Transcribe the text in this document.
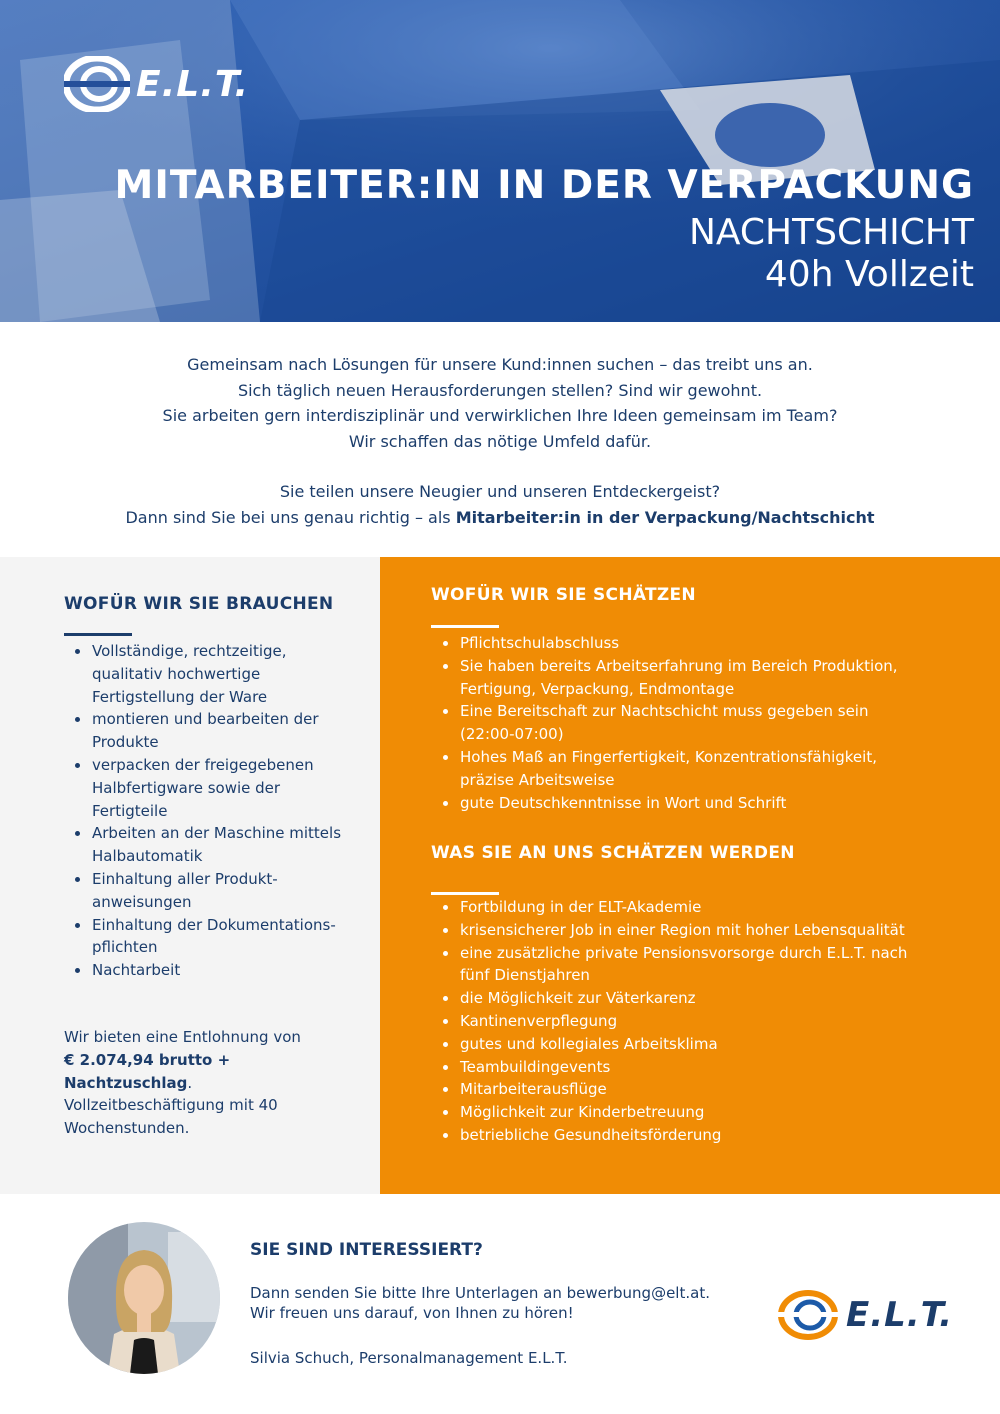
E.L.T.
MITARBEITER:IN IN DER VERPACKUNG
NACHTSCHICHT
40h Vollzeit

Gemeinsam nach Lösungen für unsere Kund:innen suchen – das treibt uns an.

Sich täglich neuen Herausforderungen stellen? Sind wir gewohnt.

Sie arbeiten gern interdisziplinär und verwirklichen Ihre Ideen gemeinsam im Team?

Wir schaffen das nötige Umfeld dafür.

Sie teilen unsere Neugier und unseren Entdeckergeist?

Dann sind Sie bei uns genau richtig – als Mitarbeiter:in in der Verpackung/Nachtschicht

WOFÜR WIR SIE BRAUCHEN
Vollständige, rechtzeitige, qualitativ hochwertige Fertigstellung der Ware
montieren und bearbeiten der Produkte
verpacken der freigegebenen Halbfertigware sowie der Fertigteile
Arbeiten an der Maschine mittels Halbautomatik
Einhaltung aller Produkt-anweisungen
Einhaltung der Dokumentations-pflichten
Nachtarbeit

Wir bieten eine Entlohnung von

€ 2.074,94 brutto + Nachtzuschlag.

Vollzeitbeschäftigung mit 40 Wochenstunden.

WOFÜR WIR SIE SCHÄTZEN
Pflichtschulabschluss
Sie haben bereits Arbeitserfahrung im Bereich Produktion, Fertigung, Verpackung, Endmontage
Eine Bereitschaft zur Nachtschicht muss gegeben sein (22:00-07:00)
Hohes Maß an Fingerfertigkeit, Konzentrationsfähigkeit, präzise Arbeitsweise
gute Deutschkenntnisse in Wort und Schrift
WAS SIE AN UNS SCHÄTZEN WERDEN
Fortbildung in der ELT-Akademie
krisensicherer Job in einer Region mit hoher Lebensqualität
eine zusätzliche private Pensionsvorsorge durch E.L.T. nach fünf Dienstjahren
die Möglichkeit zur Väterkarenz
Kantinenverpflegung
gutes und kollegiales Arbeitsklima
Teambuildingevents
Mitarbeiterausflüge
Möglichkeit zur Kinderbetreuung
betriebliche Gesundheitsförderung
SIE SIND INTERESSIERT?

Dann senden Sie bitte Ihre Unterlagen an bewerbung@elt.at.

Wir freuen uns darauf, von Ihnen zu hören!

Silvia Schuch, Personalmanagement E.L.T.
E.L.T.
